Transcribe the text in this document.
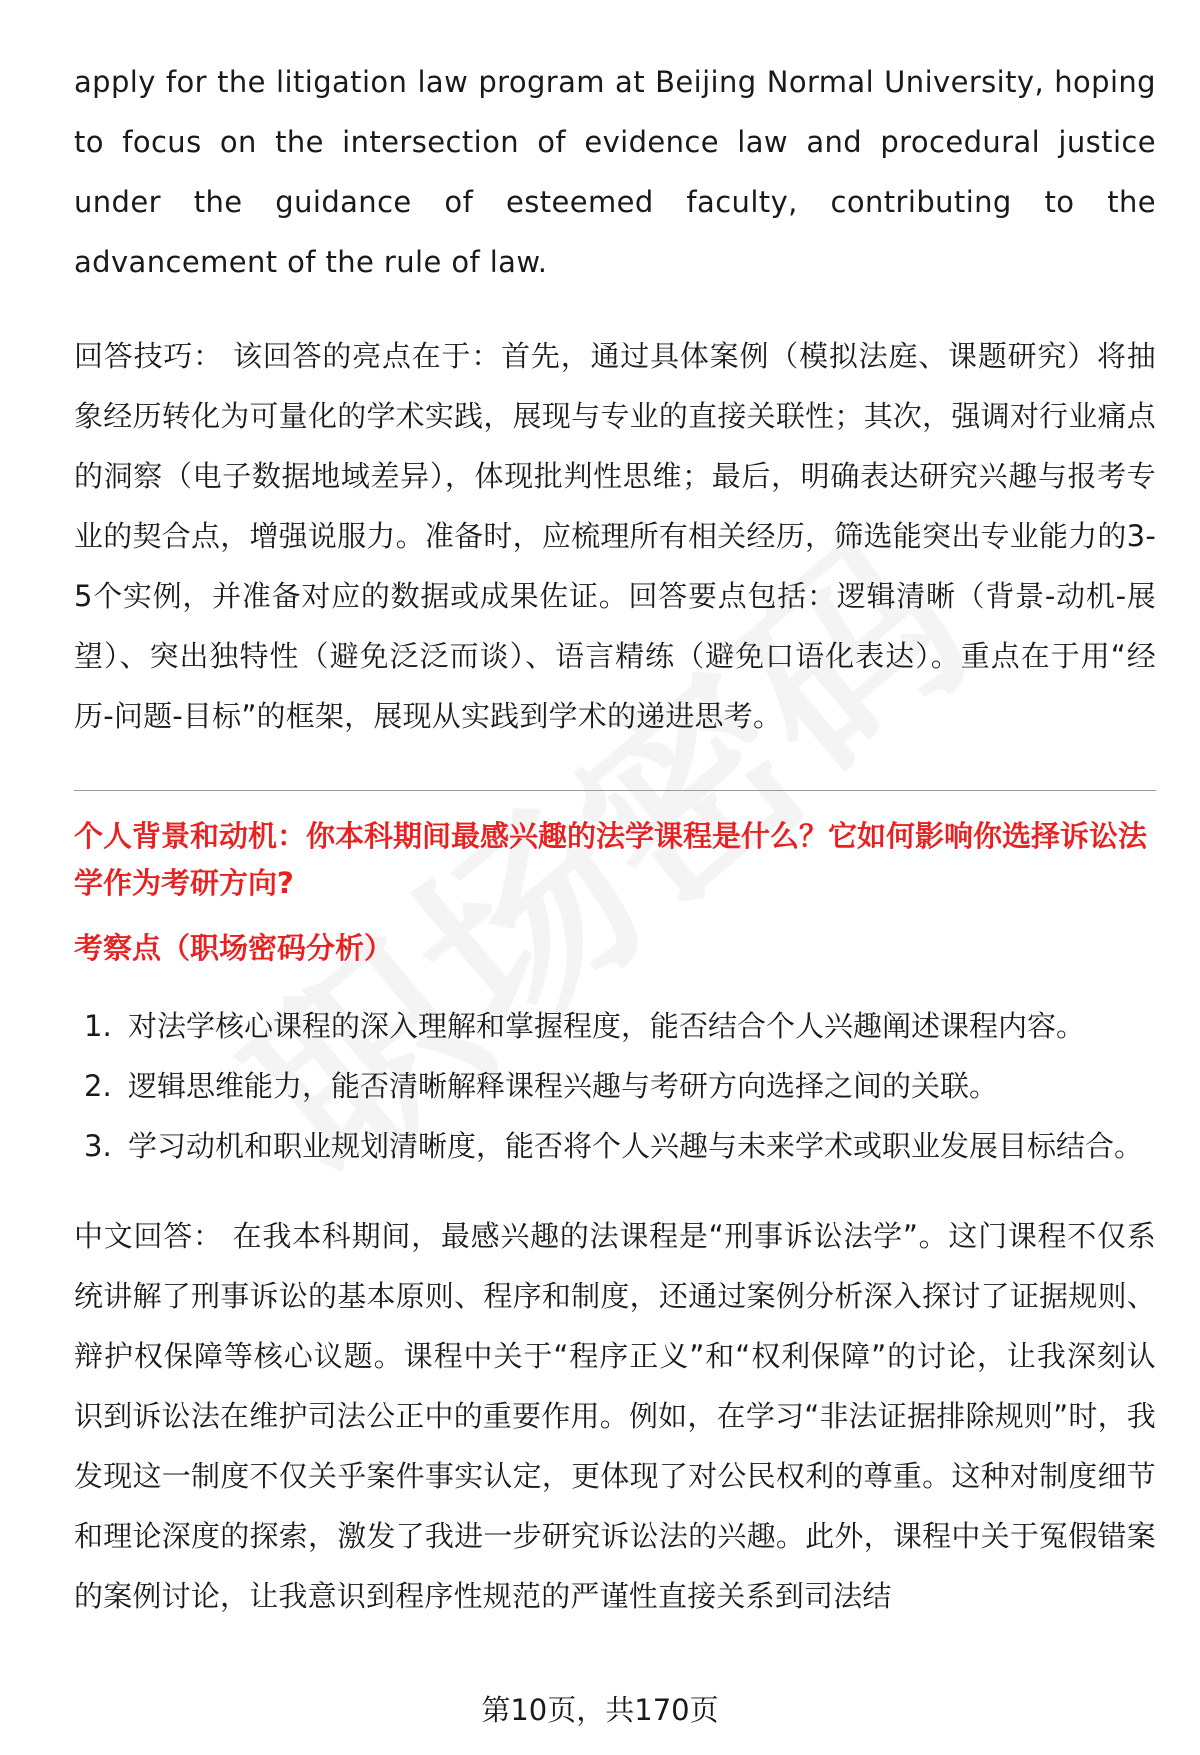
apply for the litigation law program at Beijing Normal University, hoping to focus on the intersection of evidence law and procedural justice under the guidance of esteemed faculty, contributing to the advancement of the rule of law.

回答技巧： 该回答的亮点在于：首先，通过具体案例（模拟法庭、课题研究）将抽象经历转化为可量化的学术实践，展现与专业的直接关联性；其次，强调对行业痛点的洞察（电子数据地域差异），体现批判性思维；最后，明确表达研究兴趣与报考专业的契合点，增强说服力。准备时，应梳理所有相关经历，筛选能突出专业能力的3-5个实例，并准备对应的数据或成果佐证。回答要点包括：逻辑清晰（背景-动机-展望）、突出独特性（避免泛泛而谈）、语言精练（避免口语化表达）。重点在于用“经历-问题-目标”的框架，展现从实践到学术的递进思考。

个人背景和动机：你本科期间最感兴趣的法学课程是什么？它如何影响你选择诉讼法学作为考研方向?

考察点（职场密码分析）

1. 对法学核心课程的深入理解和掌握程度，能否结合个人兴趣阐述课程内容。
2. 逻辑思维能力，能否清晰解释课程兴趣与考研方向选择之间的关联。
3. 学习动机和职业规划清晰度，能否将个人兴趣与未来学术或职业发展目标结合。

中文回答： 在我本科期间，最感兴趣的法课程是“刑事诉讼法学”。这门课程不仅系统讲解了刑事诉讼的基本原则、程序和制度，还通过案例分析深入探讨了证据规则、辩护权保障等核心议题。课程中关于“程序正义”和“权利保障”的讨论，让我深刻认识到诉讼法在维护司法公正中的重要作用。例如，在学习“非法证据排除规则”时，我发现这一制度不仅关乎案件事实认定，更体现了对公民权利的尊重。这种对制度细节和理论深度的探索，激发了我进一步研究诉讼法的兴趣。此外，课程中关于冤假错案的案例讨论，让我意识到程序性规范的严谨性直接关系到司法结

第10页，共170页
